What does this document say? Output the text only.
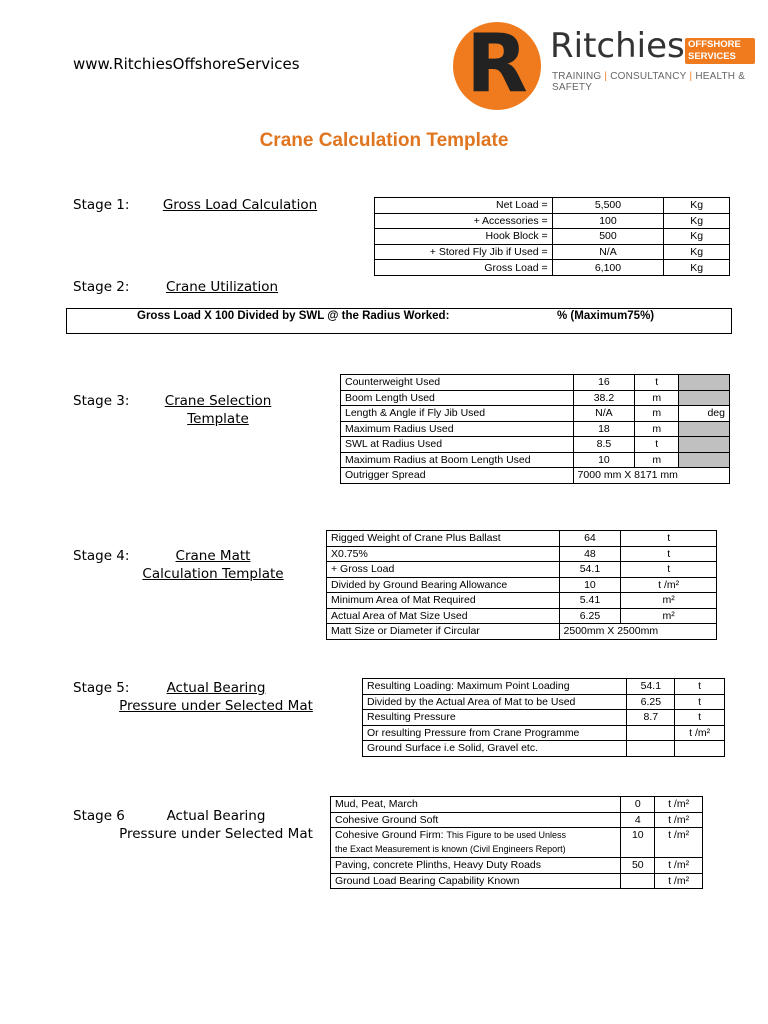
www.RitchiesOffshoreServices R Ritchies OFFSHORE
SERVICES
TRAINING | CONSULTANCY | HEALTH & SAFETY
Crane Calculation Template
Stage 1: Gross Load Calculation	Net Load =	5,500	Kg
+ Accessories =	100	Kg
Hook Block =	500	Kg
+ Stored Fly Jib if Used =	N/A	Kg
Gross Load =	6,100	Kg
Stage 2:	Crane Utilization
Gross Load X 100 Divided by SWL @ the Radius Worked:	% (Maximum75%)
Stage 3:	Crane Selection
Template
Counterweight Used	16	t	
Boom Length Used	38.2	m	
Length & Angle if Fly Jib Used	N/A	m	deg
Maximum Radius Used	18	m	
SWL at Radius Used	8.5	t	
Maximum Radius at Boom Length Used	10	m	
Outrigger Spread	7000 mm X 8171 mm		
Stage 4:	Crane Matt
Calculation Template
Rigged Weight of Crane Plus Ballast	64	t
X0.75%	48	t
+ Gross Load	54.1	t
Divided by Ground Bearing Allowance	10	t /m²
Minimum Area of Mat Required	5.41	m²
Actual Area of Mat Size Used	6.25	m²
Matt Size or Diameter if Circular	2500mm X 2500mm	
Stage 5:	Actual Bearing
Pressure under Selected Mat
Resulting Loading: Maximum Point Loading	54.1	t
Divided by the Actual Area of Mat to be Used	6.25	t
Resulting Pressure	8.7	t
Or resulting Pressure from Crane Programme		t /m²
Ground Surface i.e Solid, Gravel etc.		
Stage 6	Actual Bearing
Pressure under Selected Mat
Mud, Peat, March	0	t /m²
Cohesive Ground Soft	4	t /m²
Cohesive Ground Firm: This Figure to be used Unless
the Exact Measurement is known (Civil Engineers Report)	10	t /m²
Paving, concrete Plinths, Heavy Duty Roads	50	t /m²
Ground Load Bearing Capability Known		t /m²
